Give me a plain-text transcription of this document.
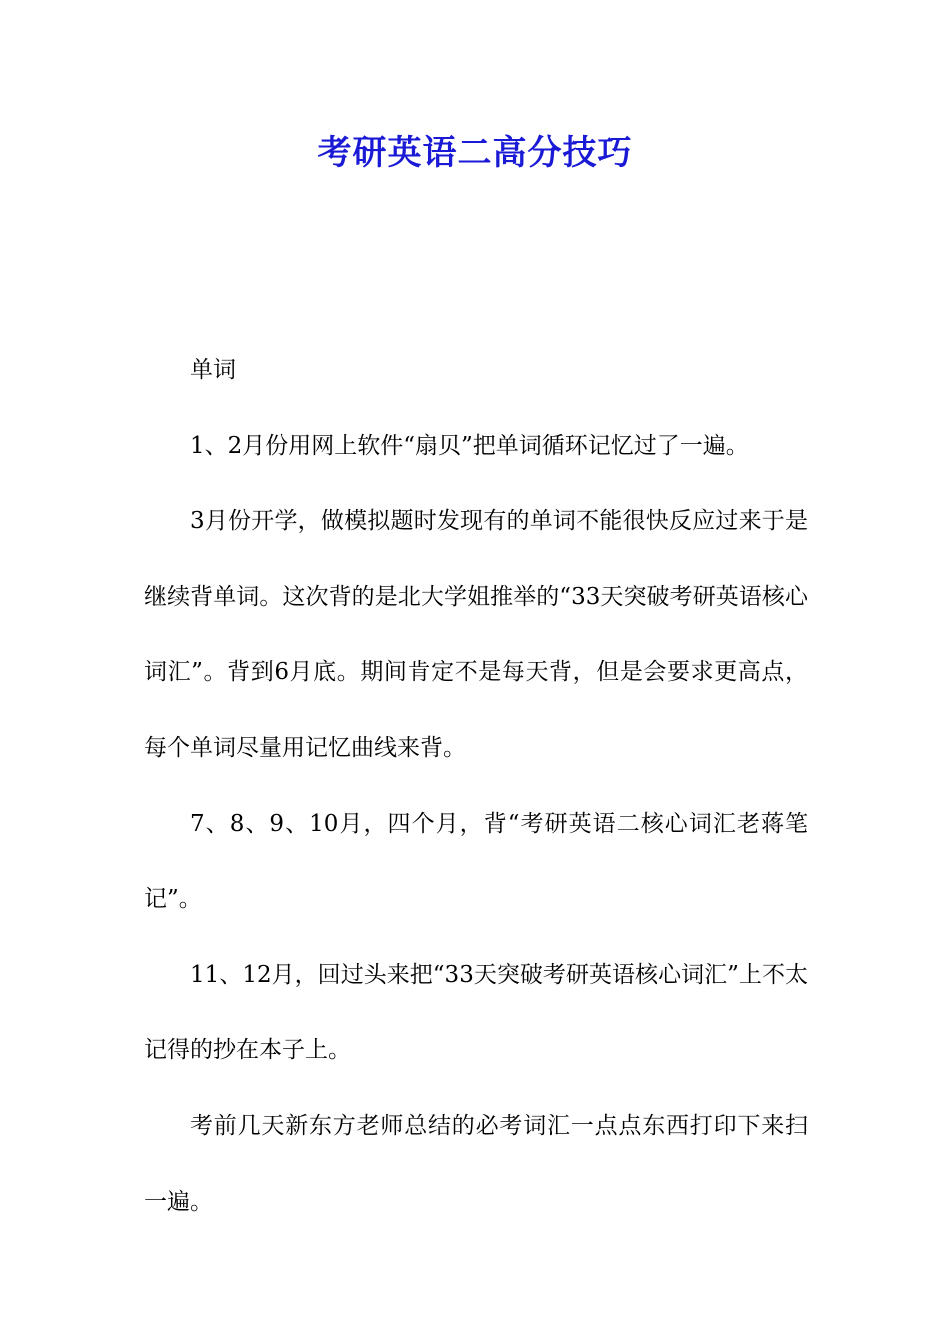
考研英语二高分技巧

单词

1、2月份用网上软件“扇贝”把单词循环记忆过了一遍。

3月份开学，做模拟题时发现有的单词不能很快反应过来于是继续背单词。这次背的是北大学姐推举的“33天突破考研英语核心词汇”。背到6月底。期间肯定不是每天背，但是会要求更高点，每个单词尽量用记忆曲线来背。

7、8、9、10月，四个月，背“考研英语二核心词汇老蒋笔记”。

11、12月，回过头来把“33天突破考研英语核心词汇”上不太记得的抄在本子上。

考前几天新东方老师总结的必考词汇一点点东西打印下来扫一遍。
